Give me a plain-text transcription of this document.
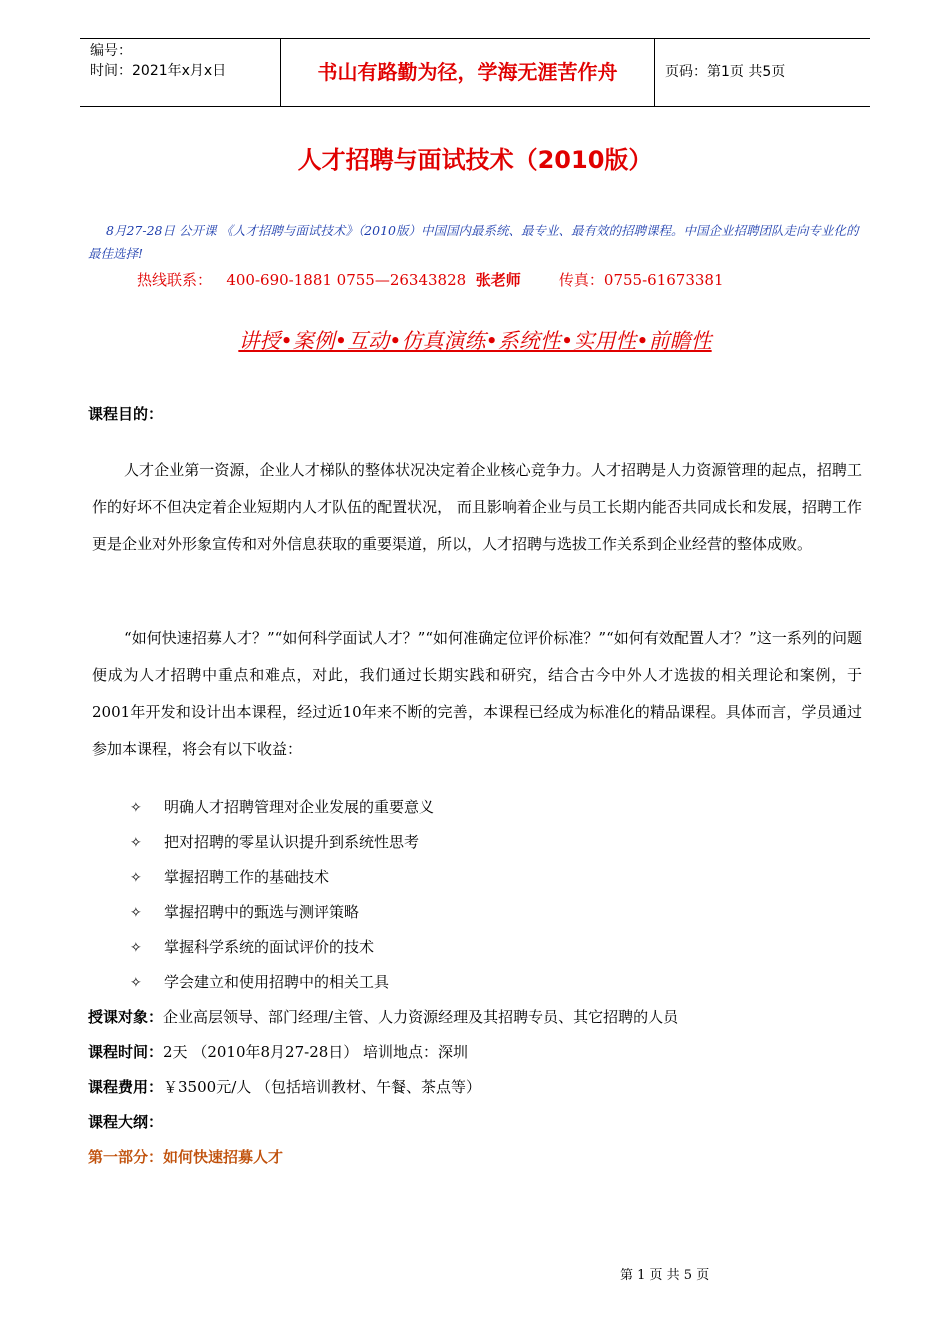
编号：
时间：2021年x月x日	书山有路勤为径，学海无涯苦作舟	页码：第1页 共5页
人才招聘与面试技术（2010版）
8月27-28日 公开课 《人才招聘与面试技术》（2010版）中国国内最系统、最专业、最有效的招聘课程。中国企业招聘团队走向专业化的最佳选择!
热线联系： 400-690-1881 0755—26343828 张老师	传真：0755-61673381
讲授•案例•互动•仿真演练•系统性•实用性•前瞻性
课程目的：
人才企业第一资源，企业人才梯队的整体状况决定着企业核心竞争力。人才招聘是人力资源管理的起点，招聘工作的好坏不但决定着企业短期内人才队伍的配置状况， 而且影响着企业与员工长期内能否共同成长和发展，招聘工作更是企业对外形象宣传和对外信息获取的重要渠道，所以，人才招聘与选拔工作关系到企业经营的整体成败。
“如何快速招募人才？”“如何科学面试人才？”“如何准确定位评价标准？”“如何有效配置人才？”这一系列的问题便成为人才招聘中重点和难点，对此，我们通过长期实践和研究，结合古今中外人才选拔的相关理论和案例，于2001年开发和设计出本课程，经过近10年来不断的完善，本课程已经成为标准化的精品课程。具体而言，学员通过参加本课程，将会有以下收益：
✧ 明确人才招聘管理对企业发展的重要意义
✧ 把对招聘的零星认识提升到系统性思考
✧ 掌握招聘工作的基础技术
✧ 掌握招聘中的甄选与测评策略
✧ 掌握科学系统的面试评价的技术
✧ 学会建立和使用招聘中的相关工具
授课对象：企业高层领导、部门经理/主管、人力资源经理及其招聘专员、其它招聘的人员
课程时间：2天 （2010年8月27-28日） 培训地点：深圳
课程费用：￥3500元/人 （包括培训教材、午餐、茶点等）
课程大纲：
第一部分：如何快速招募人才
第 1 页 共 5 页
